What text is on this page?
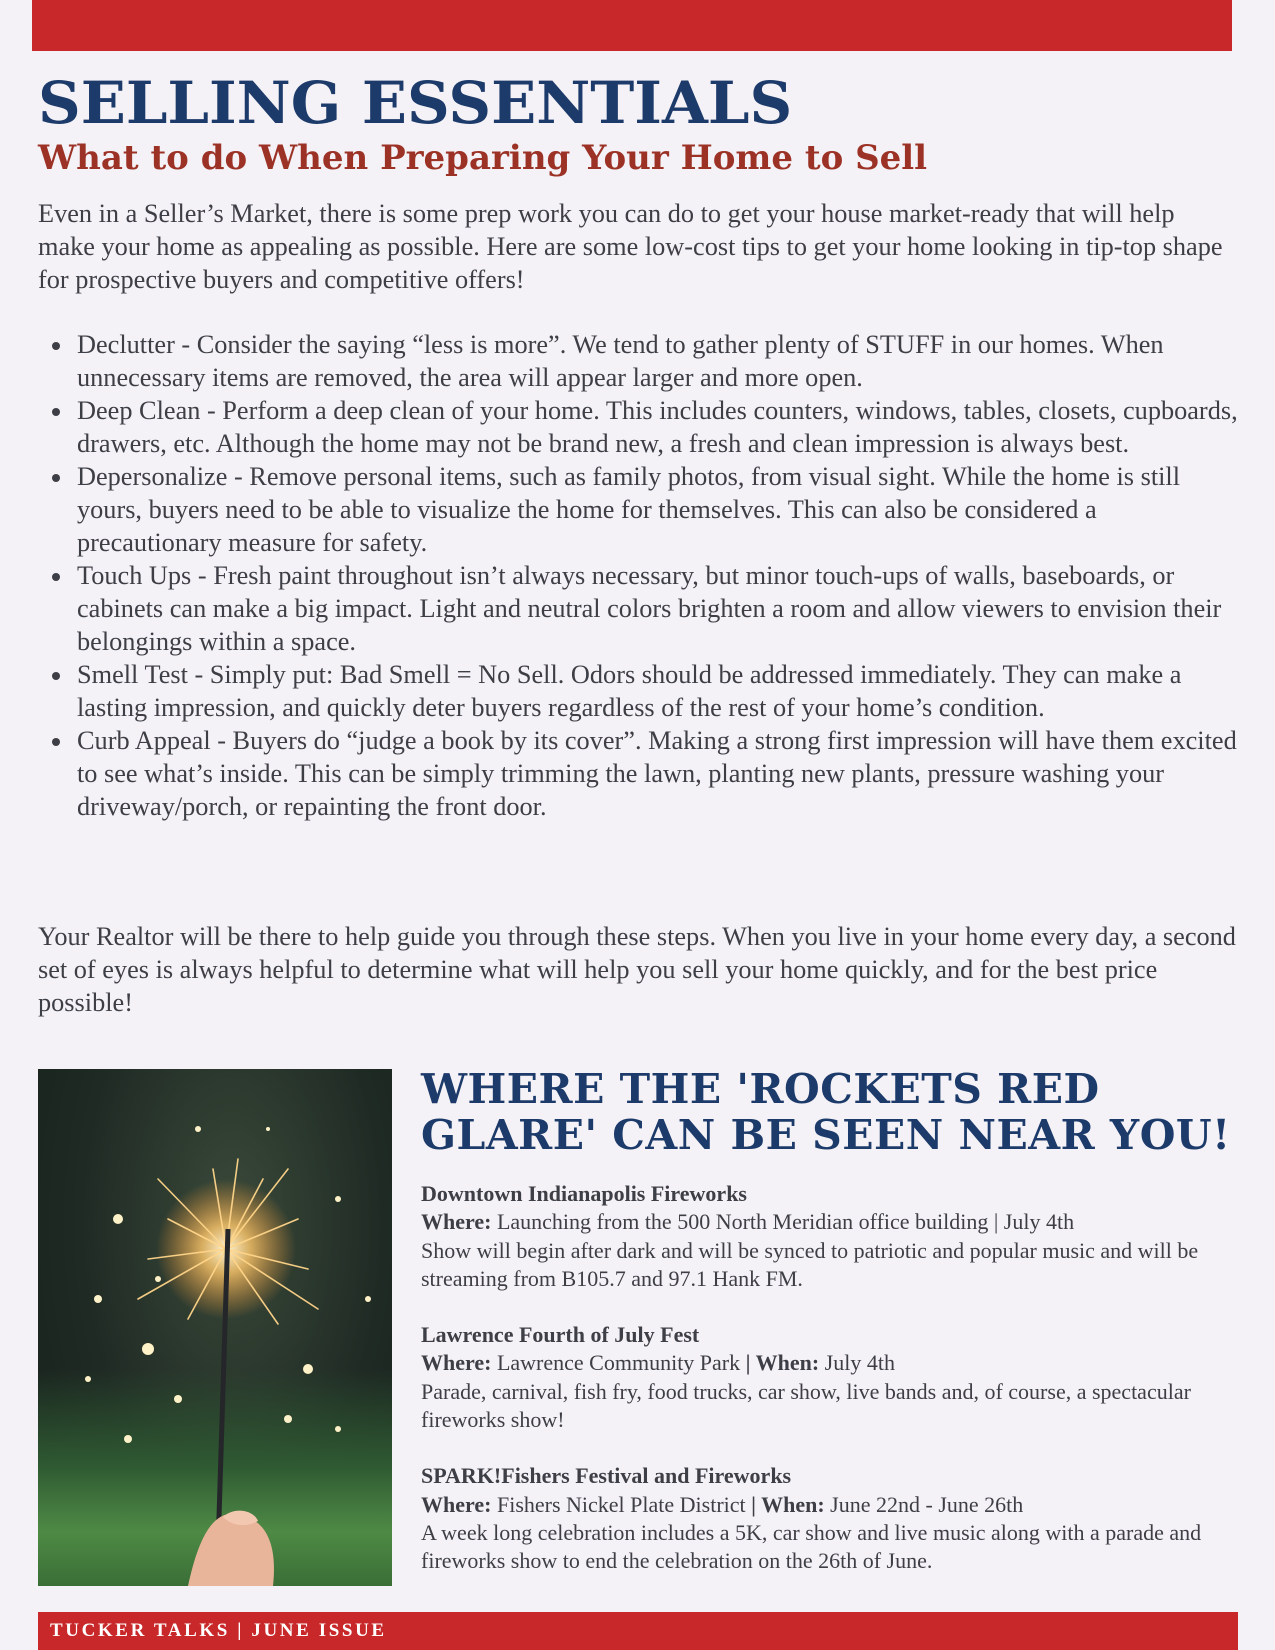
SELLING ESSENTIALS
What to do When Preparing Your Home to Sell

Even in a Seller’s Market, there is some prep work you can do to get your house market-ready that will help make your home as appealing as possible. Here are some low-cost tips to get your home looking in tip-top shape for prospective buyers and competitive offers!

Declutter - Consider the saying “less is more”. We tend to gather plenty of STUFF in our homes. When unnecessary items are removed, the area will appear larger and more open.
Deep Clean - Perform a deep clean of your home. This includes counters, windows, tables, closets, cupboards, drawers, etc. Although the home may not be brand new, a fresh and clean impression is always best.
Depersonalize - Remove personal items, such as family photos, from visual sight. While the home is still yours, buyers need to be able to visualize the home for themselves. This can also be considered a precautionary measure for safety.
Touch Ups - Fresh paint throughout isn’t always necessary, but minor touch-ups of walls, baseboards, or cabinets can make a big impact. Light and neutral colors brighten a room and allow viewers to envision their belongings within a space.
Smell Test - Simply put: Bad Smell = No Sell. Odors should be addressed immediately. They can make a lasting impression, and quickly deter buyers regardless of the rest of your home’s condition.
Curb Appeal - Buyers do “judge a book by its cover”. Making a strong first impression will have them excited to see what’s inside. This can be simply trimming the lawn, planting new plants, pressure washing your driveway/porch, or repainting the front door.

Your Realtor will be there to help guide you through these steps. When you live in your home every day, a second set of eyes is always helpful to determine what will help you sell your home quickly, and for the best price possible!

WHERE THE 'ROCKETS RED GLARE' CAN BE SEEN NEAR YOU!
Downtown Indianapolis Fireworks
Where: Launching from the 500 North Meridian office building | July 4th
Show will begin after dark and will be synced to patriotic and popular music and will be streaming from B105.7 and 97.1 Hank FM.
Lawrence Fourth of July Fest
Where: Lawrence Community Park | When: July 4th
Parade, carnival, fish fry, food trucks, car show, live bands and, of course, a spectacular fireworks show!
SPARK!Fishers Festival and Fireworks
Where: Fishers Nickel Plate District | When: June 22nd - June 26th
A week long celebration includes a 5K, car show and live music along with a parade and fireworks show to end the celebration on the 26th of June.
TUCKER TALKS | JUNE ISSUE
